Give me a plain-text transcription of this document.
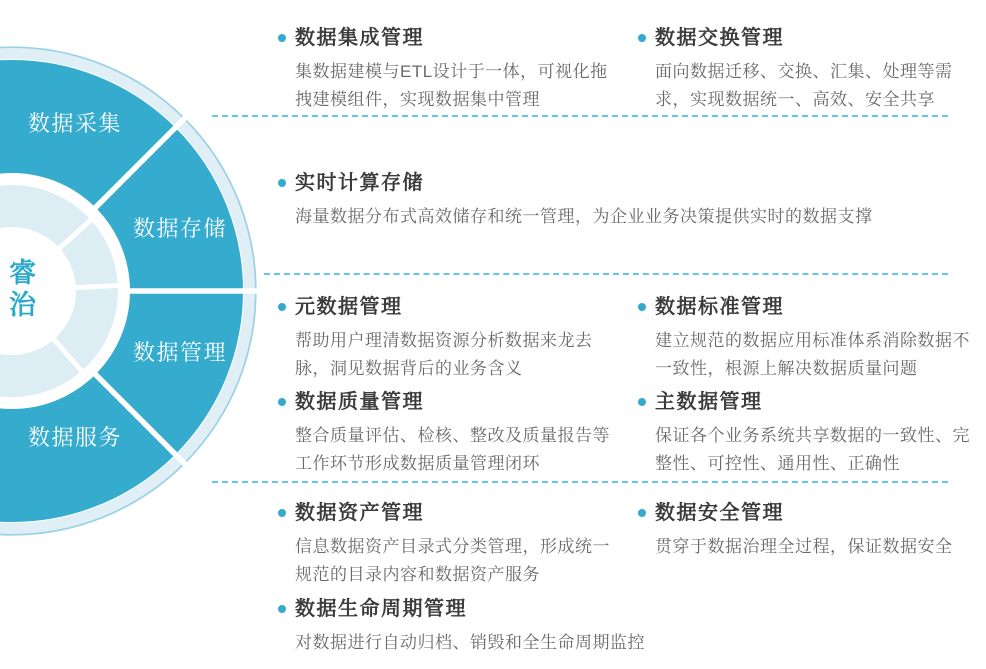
数据采集
数据存储
数据管理
数据服务
睿
治
数据集成管理

集数据建模与ETL设计于一体，可视化拖拽建模组件，实现数据集中管理

数据交换管理

面向数据迁移、交换、汇集、处理等需求，实现数据统一、高效、安全共享

实时计算存储

海量数据分布式高效储存和统一管理，为企业业务决策提供实时的数据支撑

元数据管理

帮助用户理清数据资源分析数据来龙去脉，洞见数据背后的业务含义

数据标准管理

建立规范的数据应用标准体系消除数据不一致性，根源上解决数据质量问题

数据质量管理

整合质量评估、检核、整改及质量报告等工作环节形成数据质量管理闭环

主数据管理

保证各个业务系统共享数据的一致性、完整性、可控性、通用性、正确性

数据资产管理

信息数据资产目录式分类管理，形成统一规范的目录内容和数据资产服务

数据安全管理

贯穿于数据治理全过程，保证数据安全

数据生命周期管理

对数据进行自动归档、销毁和全生命周期监控
